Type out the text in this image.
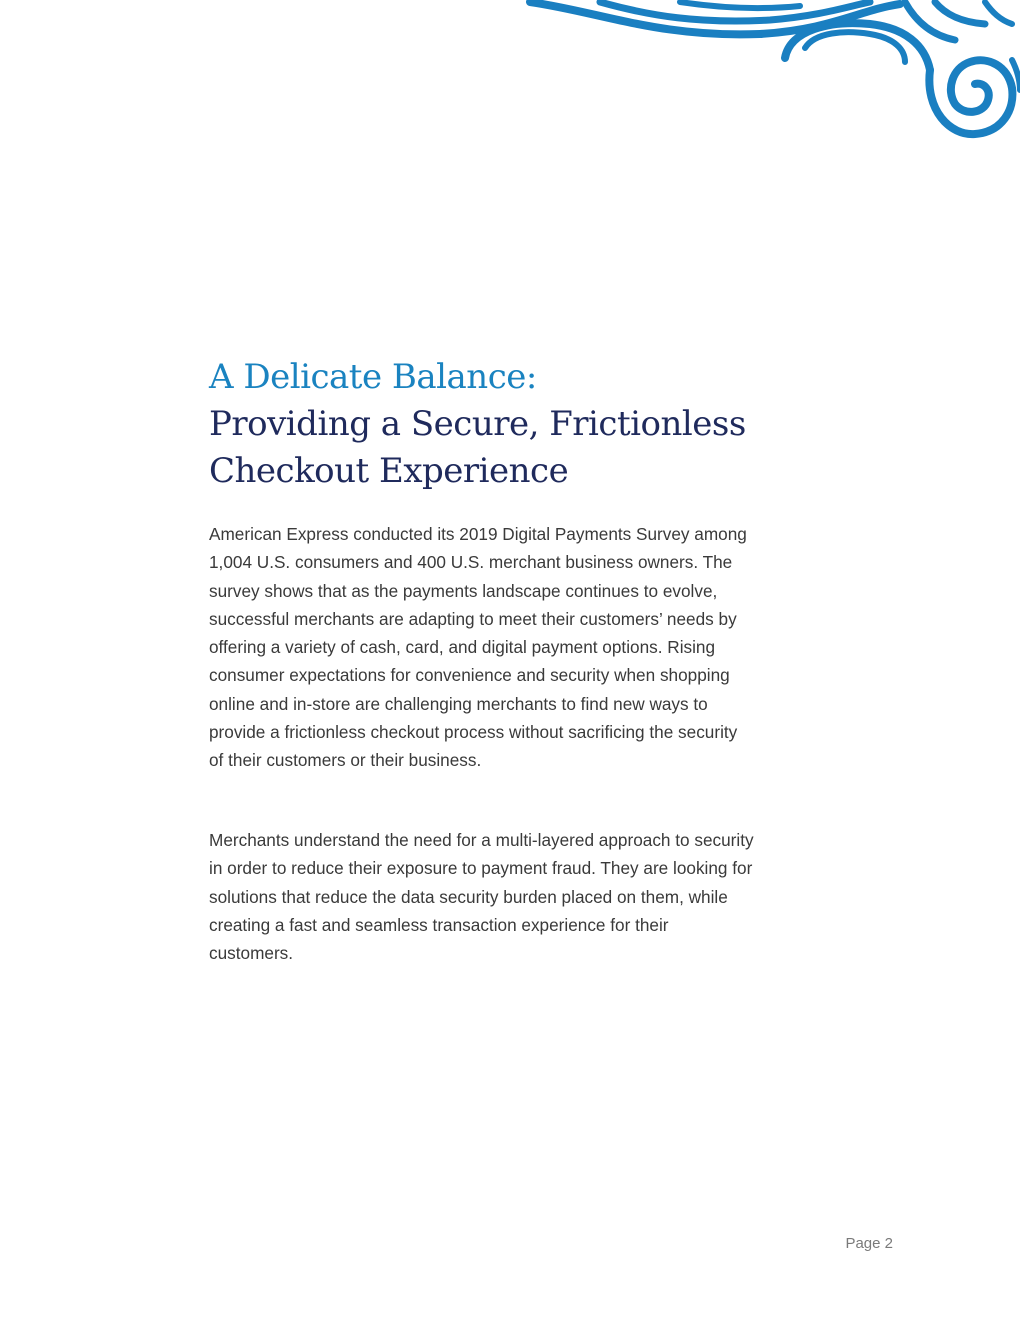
A Delicate Balance:
Providing a Secure, Frictionless
Checkout Experience

American Express conducted its 2019 Digital Payments Survey among 1,004 U.S. consumers and 400 U.S. merchant business owners. The survey shows that as the payments landscape continues to evolve, successful merchants are adapting to meet their customers’ needs by offering a variety of cash, card, and digital payment options. Rising consumer expectations for convenience and security when shopping online and in-store are challenging merchants to find new ways to provide a frictionless checkout process without sacrificing the security of their customers or their business.

Merchants understand the need for a multi-layered approach to security in order to reduce their exposure to payment fraud. They are looking for solutions that reduce the data security burden placed on them, while creating a fast and seamless transaction experience for their customers.

Page 2
